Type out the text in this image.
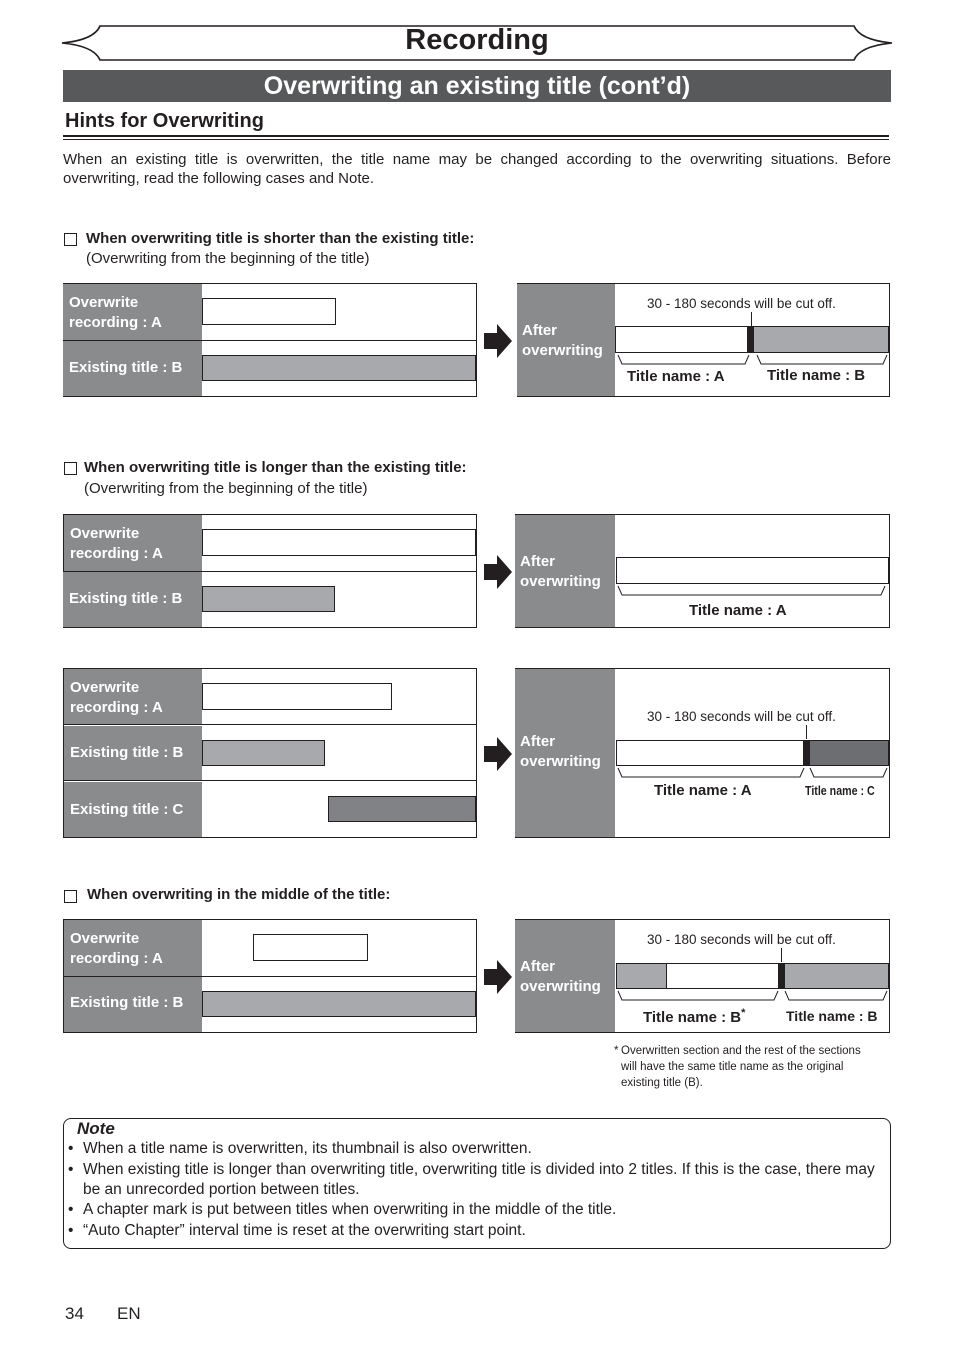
Recording
Overwriting an existing title (cont’d)
Hints for Overwriting
When an existing title is overwritten, the title name may be changed according to the overwriting situations. Before overwriting, read the following cases and Note.
When overwriting title is shorter than the existing title:
(Overwriting from the beginning of the title)
Overwrite
recording : A
Existing title : B
After
overwriting
30 - 180 seconds will be cut off.
Title name : A	Title name : B
When overwriting title is longer than the existing title:
(Overwriting from the beginning of the title)
Overwrite
recording : A
Existing title : B
After
overwriting
Title name : A
Overwrite
recording : A
Existing title : B
Existing title : C
After
overwriting
30 - 180 seconds will be cut off.
Title name : A	Title name : C
When overwriting in the middle of the title:
Overwrite
recording : A
Existing title : B
After
overwriting
30 - 180 seconds will be cut off.
Title name : B*	Title name : B
* Overwritten section and the rest of the sections
will have the same title name as the original
existing title (B).
Note
• When a title name is overwritten, its thumbnail is also overwritten.
• When existing title is longer than overwriting title, overwriting title is divided into 2 titles. If this is the case, there may be an unrecorded portion between titles.
• A chapter mark is put between titles when overwriting in the middle of the title.
• “Auto Chapter” interval time is reset at the overwriting start point.
34 EN
